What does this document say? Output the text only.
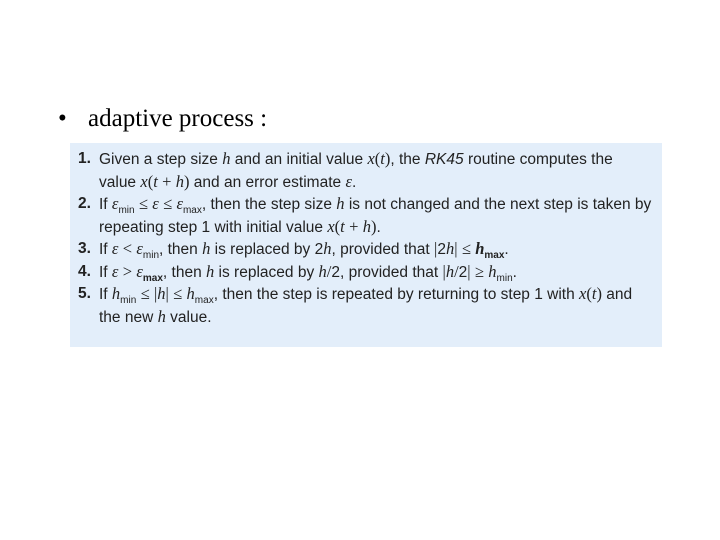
• adaptive process :
1. Given a step size h and an initial value x(t), the RK45 routine computes the value x(t + h) and an error estimate ε.
2. If $\varepsilon_{min} \le \varepsilon \le \varepsilon_{max}$, then the step size h is not changed and the next step is taken by repeating step 1 with initial value x(t + h).
3. If $\varepsilon < \varepsilon_{min}$, then h is replaced by 2h, provided that $|2h| \le h_{max}$.
4. If $\varepsilon > \varepsilon_{max}$, then h is replaced by h/2, provided that $|h/2| \ge h_{min}$.
5. If $h_{min} \le |h| \le h_{max}$, then the step is repeated by returning to step 1 with x(t) and the new h value.
